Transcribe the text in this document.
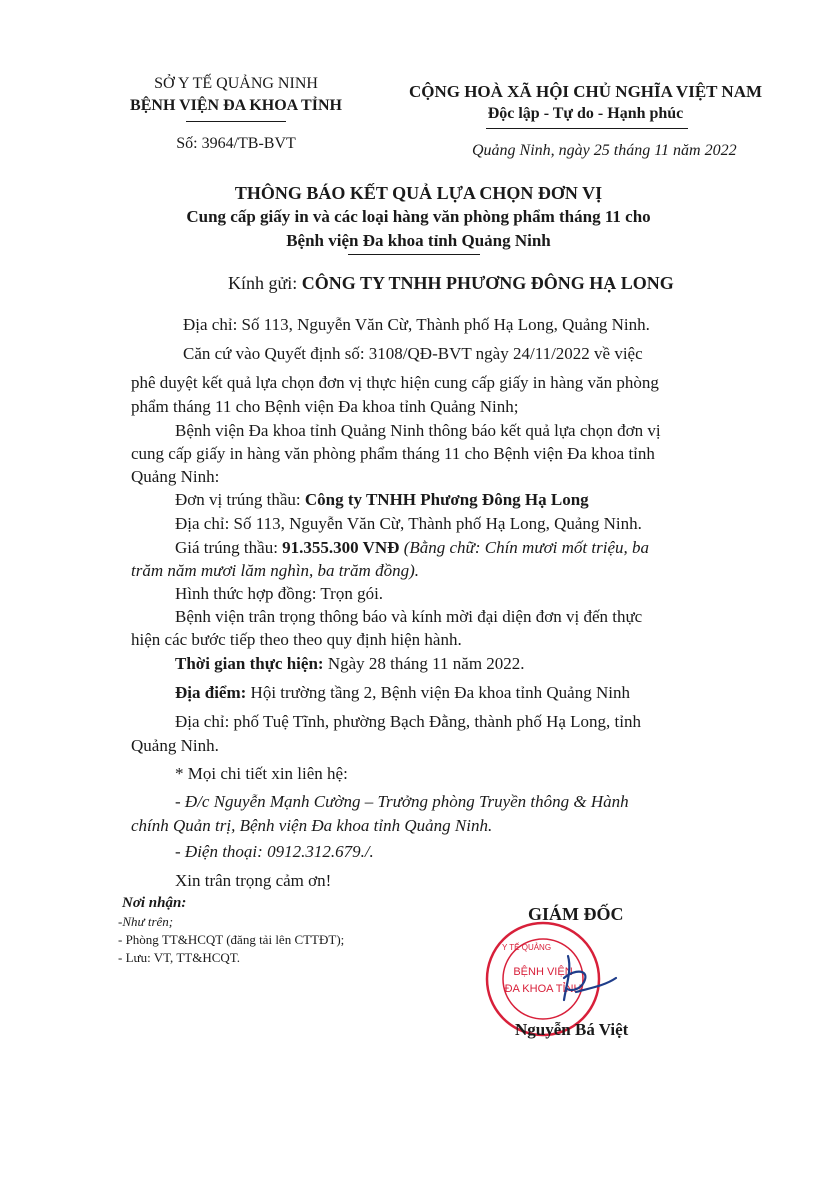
SỞ Y TẾ QUẢNG NINH
BỆNH VIỆN ĐA KHOA TỈNH
Số: 3964/TB-BVT
CỘNG HOÀ XÃ HỘI CHỦ NGHĨA VIỆT NAM
Độc lập - Tự do - Hạnh phúc
Quảng Ninh, ngày 25 tháng 11 năm 2022
THÔNG BÁO KẾT QUẢ LỰA CHỌN ĐƠN VỊ
Cung cấp giấy in và các loại hàng văn phòng phẩm tháng 11 cho
Bệnh viện Đa khoa tỉnh Quảng Ninh
Kính gửi: CÔNG TY TNHH PHƯƠNG ĐÔNG HẠ LONG
Địa chỉ: Số 113, Nguyễn Văn Cừ, Thành phố Hạ Long, Quảng Ninh.
Căn cứ vào Quyết định số: 3108/QĐ-BVT ngày 24/11/2022 về việc
phê duyệt kết quả lựa chọn đơn vị thực hiện cung cấp giấy in hàng văn phòng
phẩm tháng 11 cho Bệnh viện Đa khoa tỉnh Quảng Ninh;
Bệnh viện Đa khoa tỉnh Quảng Ninh thông báo kết quả lựa chọn đơn vị
cung cấp giấy in hàng văn phòng phẩm tháng 11 cho Bệnh viện Đa khoa tỉnh
Quảng Ninh:
Đơn vị trúng thầu: Công ty TNHH Phương Đông Hạ Long
Địa chỉ: Số 113, Nguyễn Văn Cừ, Thành phố Hạ Long, Quảng Ninh.
Giá trúng thầu: 91.355.300 VNĐ (Bằng chữ: Chín mươi mốt triệu, ba
trăm năm mươi lăm nghìn, ba trăm đồng).
Hình thức hợp đồng: Trọn gói.
Bệnh viện trân trọng thông báo và kính mời đại diện đơn vị đến thực
hiện các bước tiếp theo theo quy định hiện hành.
Thời gian thực hiện: Ngày 28 tháng 11 năm 2022.
Địa điểm: Hội trường tầng 2, Bệnh viện Đa khoa tỉnh Quảng Ninh
Địa chỉ: phố Tuệ Tĩnh, phường Bạch Đằng, thành phố Hạ Long, tỉnh
Quảng Ninh.
* Mọi chi tiết xin liên hệ:
- Đ/c Nguyễn Mạnh Cường – Trưởng phòng Truyền thông & Hành
chính Quản trị, Bệnh viện Đa khoa tỉnh Quảng Ninh.
- Điện thoại: 0912.312.679./.
Xin trân trọng cảm ơn!
Nơi nhận:
-Như trên;
- Phòng TT&HCQT (đăng tải lên CTTĐT);
- Lưu: VT, TT&HCQT.
Y TẾ QUẢNG
BỆNH VIỆN
ĐA KHOA TỈNH
GIÁM ĐỐC
Nguyễn Bá Việt
